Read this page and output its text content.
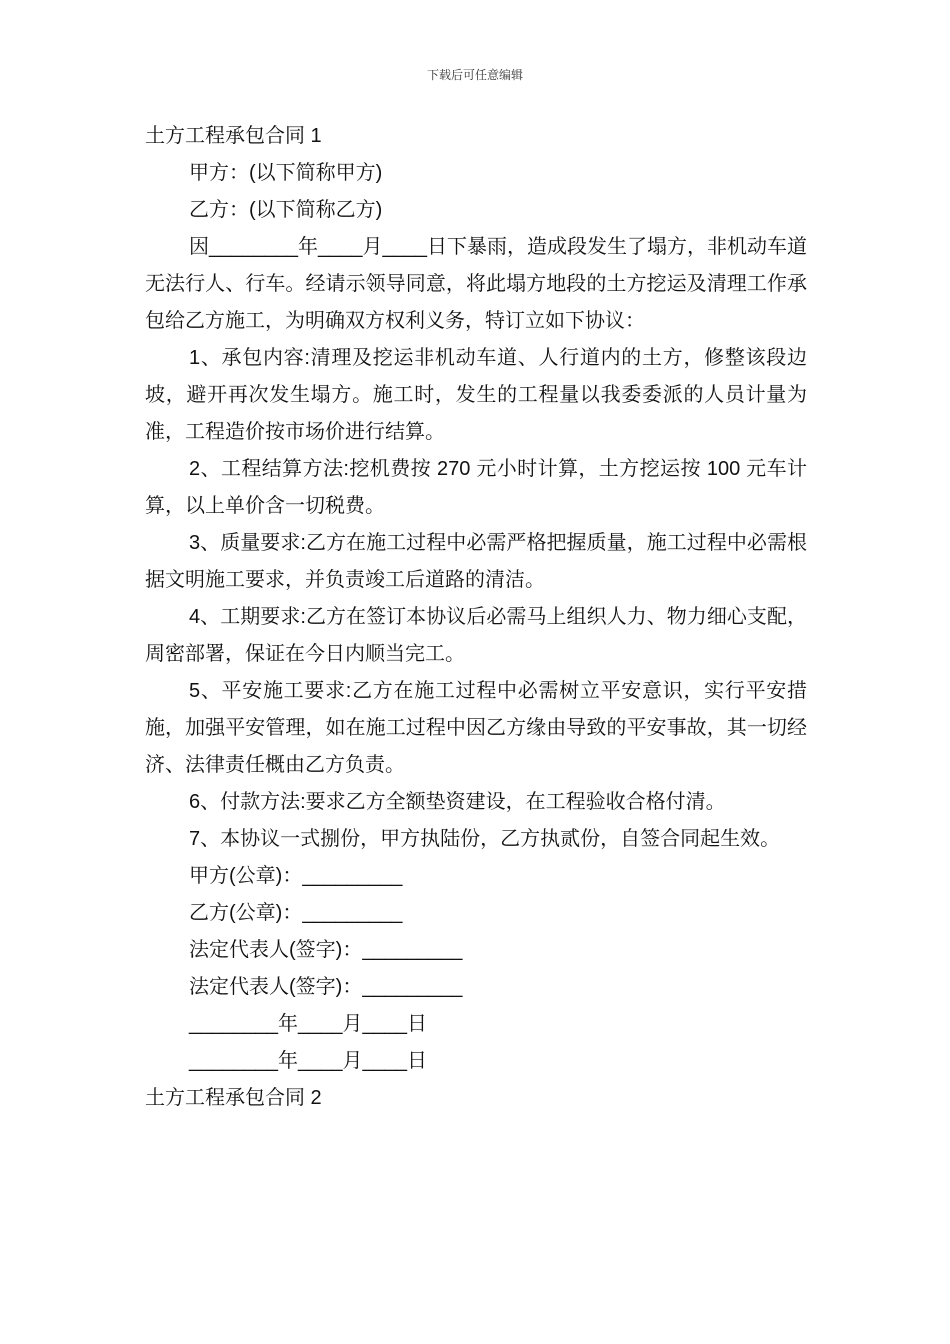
下载后可任意编辑

土方工程承包合同 1

甲方：(以下简称甲方)

乙方：(以下简称乙方)

因________年____月____日下暴雨，造成段发生了塌方，非机动车道无法行人、行车。经请示领导同意，将此塌方地段的土方挖运及清理工作承包给乙方施工，为明确双方权利义务，特订立如下协议：

1、承包内容:清理及挖运非机动车道、人行道内的土方，修整该段边坡，避开再次发生塌方。施工时，发生的工程量以我委委派的人员计量为准，工程造价按市场价进行结算。

2、工程结算方法:挖机费按 270 元小时计算，土方挖运按 100 元车计算，以上单价含一切税费。

3、质量要求:乙方在施工过程中必需严格把握质量，施工过程中必需根据文明施工要求，并负责竣工后道路的清洁。

4、工期要求:乙方在签订本协议后必需马上组织人力、物力细心支配，周密部署，保证在今日内顺当完工。

5、平安施工要求:乙方在施工过程中必需树立平安意识，实行平安措施，加强平安管理，如在施工过程中因乙方缘由导致的平安事故，其一切经济、法律责任概由乙方负责。

6、付款方法:要求乙方全额垫资建设，在工程验收合格付清。

7、本协议一式捌份，甲方执陆份，乙方执贰份，自签合同起生效。

甲方(公章)：_________

乙方(公章)：_________

法定代表人(签字)：_________

法定代表人(签字)：_________

________年____月____日

________年____月____日

土方工程承包合同 2
